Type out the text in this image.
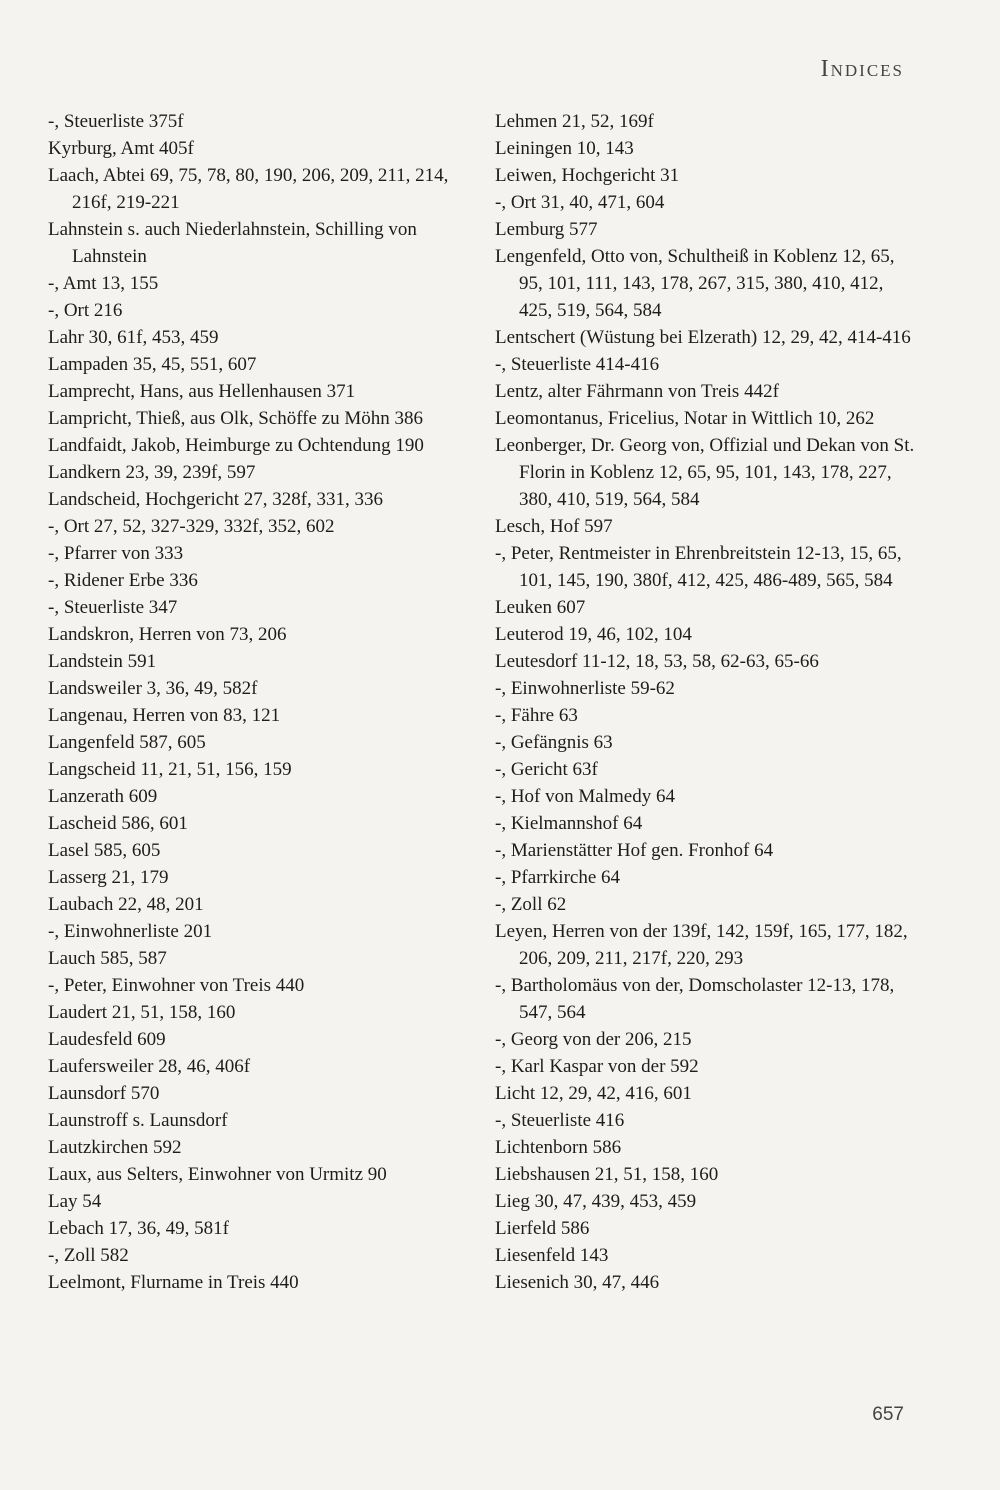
Indices

-, Steuerliste 375f

Kyrburg, Amt 405f

Laach, Abtei 69, 75, 78, 80, 190, 206, 209, 211, 214, 216f, 219-221

Lahnstein s. auch Niederlahnstein, Schilling von Lahnstein

-, Amt 13, 155

-, Ort 216

Lahr 30, 61f, 453, 459

Lampaden 35, 45, 551, 607

Lamprecht, Hans, aus Hellenhausen 371

Lampricht, Thieß, aus Olk, Schöffe zu Möhn 386

Landfaidt, Jakob, Heimburge zu Ochtendung 190

Landkern 23, 39, 239f, 597

Landscheid, Hochgericht 27, 328f, 331, 336

-, Ort 27, 52, 327-329, 332f, 352, 602

-, Pfarrer von 333

-, Ridener Erbe 336

-, Steuerliste 347

Landskron, Herren von 73, 206

Landstein 591

Landsweiler 3, 36, 49, 582f

Langenau, Herren von 83, 121

Langenfeld 587, 605

Langscheid 11, 21, 51, 156, 159

Lanzerath 609

Lascheid 586, 601

Lasel 585, 605

Lasserg 21, 179

Laubach 22, 48, 201

-, Einwohnerliste 201

Lauch 585, 587

-, Peter, Einwohner von Treis 440

Laudert 21, 51, 158, 160

Laudesfeld 609

Laufersweiler 28, 46, 406f

Launsdorf 570

Launstroff s. Launsdorf

Lautzkirchen 592

Laux, aus Selters, Einwohner von Urmitz 90

Lay 54

Lebach 17, 36, 49, 581f

-, Zoll 582

Leelmont, Flurname in Treis 440

Lehmen 21, 52, 169f

Leiningen 10, 143

Leiwen, Hochgericht 31

-, Ort 31, 40, 471, 604

Lemburg 577

Lengenfeld, Otto von, Schultheiß in Koblenz 12, 65, 95, 101, 111, 143, 178, 267, 315, 380, 410, 412, 425, 519, 564, 584

Lentschert (Wüstung bei Elzerath) 12, 29, 42, 414-416

-, Steuerliste 414-416

Lentz, alter Fährmann von Treis 442f

Leomontanus, Fricelius, Notar in Wittlich 10, 262

Leonberger, Dr. Georg von, Offizial und Dekan von St. Florin in Koblenz 12, 65, 95, 101, 143, 178, 227, 380, 410, 519, 564, 584

Lesch, Hof 597

-, Peter, Rentmeister in Ehrenbreitstein 12-13, 15, 65, 101, 145, 190, 380f, 412, 425, 486-489, 565, 584

Leuken 607

Leuterod 19, 46, 102, 104

Leutesdorf 11-12, 18, 53, 58, 62-63, 65-66

-, Einwohnerliste 59-62

-, Fähre 63

-, Gefängnis 63

-, Gericht 63f

-, Hof von Malmedy 64

-, Kielmannshof 64

-, Marienstätter Hof gen. Fronhof 64

-, Pfarrkirche 64

-, Zoll 62

Leyen, Herren von der 139f, 142, 159f, 165, 177, 182, 206, 209, 211, 217f, 220, 293

-, Bartholomäus von der, Domscholaster 12-13, 178, 547, 564

-, Georg von der 206, 215

-, Karl Kaspar von der 592

Licht 12, 29, 42, 416, 601

-, Steuerliste 416

Lichtenborn 586

Liebshausen 21, 51, 158, 160

Lieg 30, 47, 439, 453, 459

Lierfeld 586

Liesenfeld 143

Liesenich 30, 47, 446

657
